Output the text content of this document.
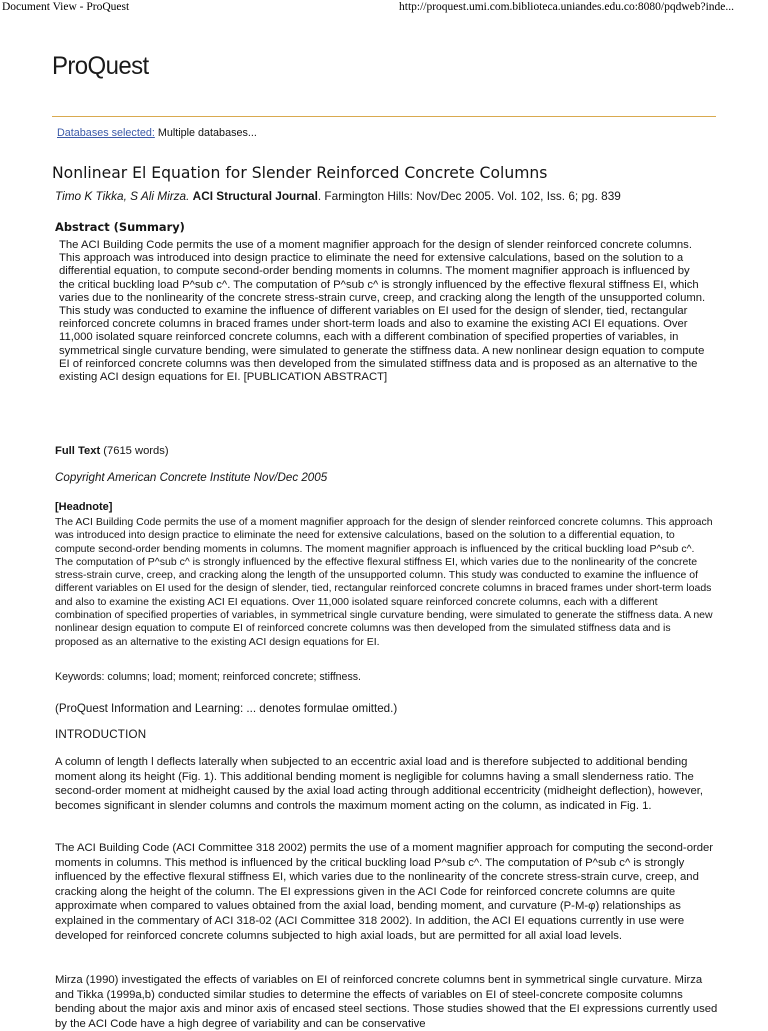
Document View - ProQuest	http://proquest.umi.com.biblioteca.uniandes.edu.co:8080/pqdweb?inde...
ProQuest
Databases selected: Multiple databases...
Nonlinear El Equation for Slender Reinforced Concrete Columns
Timo K Tikka, S Ali Mirza. ACI Structural Journal. Farmington Hills: Nov/Dec 2005. Vol. 102, Iss. 6; pg. 839
Abstract (Summary)
The ACI Building Code permits the use of a moment magnifier approach for the design of slender reinforced concrete columns. This approach was introduced into design practice to eliminate the need for extensive calculations, based on the solution to a differential equation, to compute second-order bending moments in columns. The moment magnifier approach is influenced by the critical buckling load P^sub c^. The computation of P^sub c^ is strongly influenced by the effective flexural stiffness EI, which varies due to the nonlinearity of the concrete stress-strain curve, creep, and cracking along the length of the unsupported column. This study was conducted to examine the influence of different variables on EI used for the design of slender, tied, rectangular reinforced concrete columns in braced frames under short-term loads and also to examine the existing ACI EI equations. Over 11,000 isolated square reinforced concrete columns, each with a different combination of specified properties of variables, in symmetrical single curvature bending, were simulated to generate the stiffness data. A new nonlinear design equation to compute EI of reinforced concrete columns was then developed from the simulated stiffness data and is proposed as an alternative to the existing ACI design equations for EI. [PUBLICATION ABSTRACT]
Full Text (7615 words)
Copyright American Concrete Institute Nov/Dec 2005
[Headnote]
The ACI Building Code permits the use of a moment magnifier approach for the design of slender reinforced concrete columns. This approach was introduced into design practice to eliminate the need for extensive calculations, based on the solution to a differential equation, to compute second-order bending moments in columns. The moment magnifier approach is influenced by the critical buckling load P^sub c^. The computation of P^sub c^ is strongly influenced by the effective flexural stiffness EI, which varies due to the nonlinearity of the concrete stress-strain curve, creep, and cracking along the length of the unsupported column. This study was conducted to examine the influence of different variables on EI used for the design of slender, tied, rectangular reinforced concrete columns in braced frames under short-term loads and also to examine the existing ACI EI equations. Over 11,000 isolated square reinforced concrete columns, each with a different combination of specified properties of variables, in symmetrical single curvature bending, were simulated to generate the stiffness data. A new nonlinear design equation to compute EI of reinforced concrete columns was then developed from the simulated stiffness data and is proposed as an alternative to the existing ACI design equations for EI.
Keywords: columns; load; moment; reinforced concrete; stiffness.
(ProQuest Information and Learning: ... denotes formulae omitted.)
INTRODUCTION
A column of length l deflects laterally when subjected to an eccentric axial load and is therefore subjected to additional bending moment along its height (Fig. 1). This additional bending moment is negligible for columns having a small slenderness ratio. The second-order moment at midheight caused by the axial load acting through additional eccentricity (midheight deflection), however, becomes significant in slender columns and controls the maximum moment acting on the column, as indicated in Fig. 1.
The ACI Building Code (ACI Committee 318 2002) permits the use of a moment magnifier approach for computing the second-order moments in columns. This method is influenced by the critical buckling load P^sub c^. The computation of P^sub c^ is strongly influenced by the effective flexural stiffness EI, which varies due to the nonlinearity of the concrete stress-strain curve, creep, and cracking along the height of the column. The EI expressions given in the ACI Code for reinforced concrete columns are quite approximate when compared to values obtained from the axial load, bending moment, and curvature (P-M-φ) relationships as explained in the commentary of ACI 318-02 (ACI Committee 318 2002). In addition, the ACI EI equations currently in use were developed for reinforced concrete columns subjected to high axial loads, but are permitted for all axial load levels.
Mirza (1990) investigated the effects of variables on EI of reinforced concrete columns bent in symmetrical single curvature. Mirza and Tikka (1999a,b) conducted similar studies to determine the effects of variables on EI of steel-concrete composite columns bending about the major axis and minor axis of encased steel sections. Those studies showed that the EI expressions currently used by the ACI Code have a high degree of variability and can be conservative
